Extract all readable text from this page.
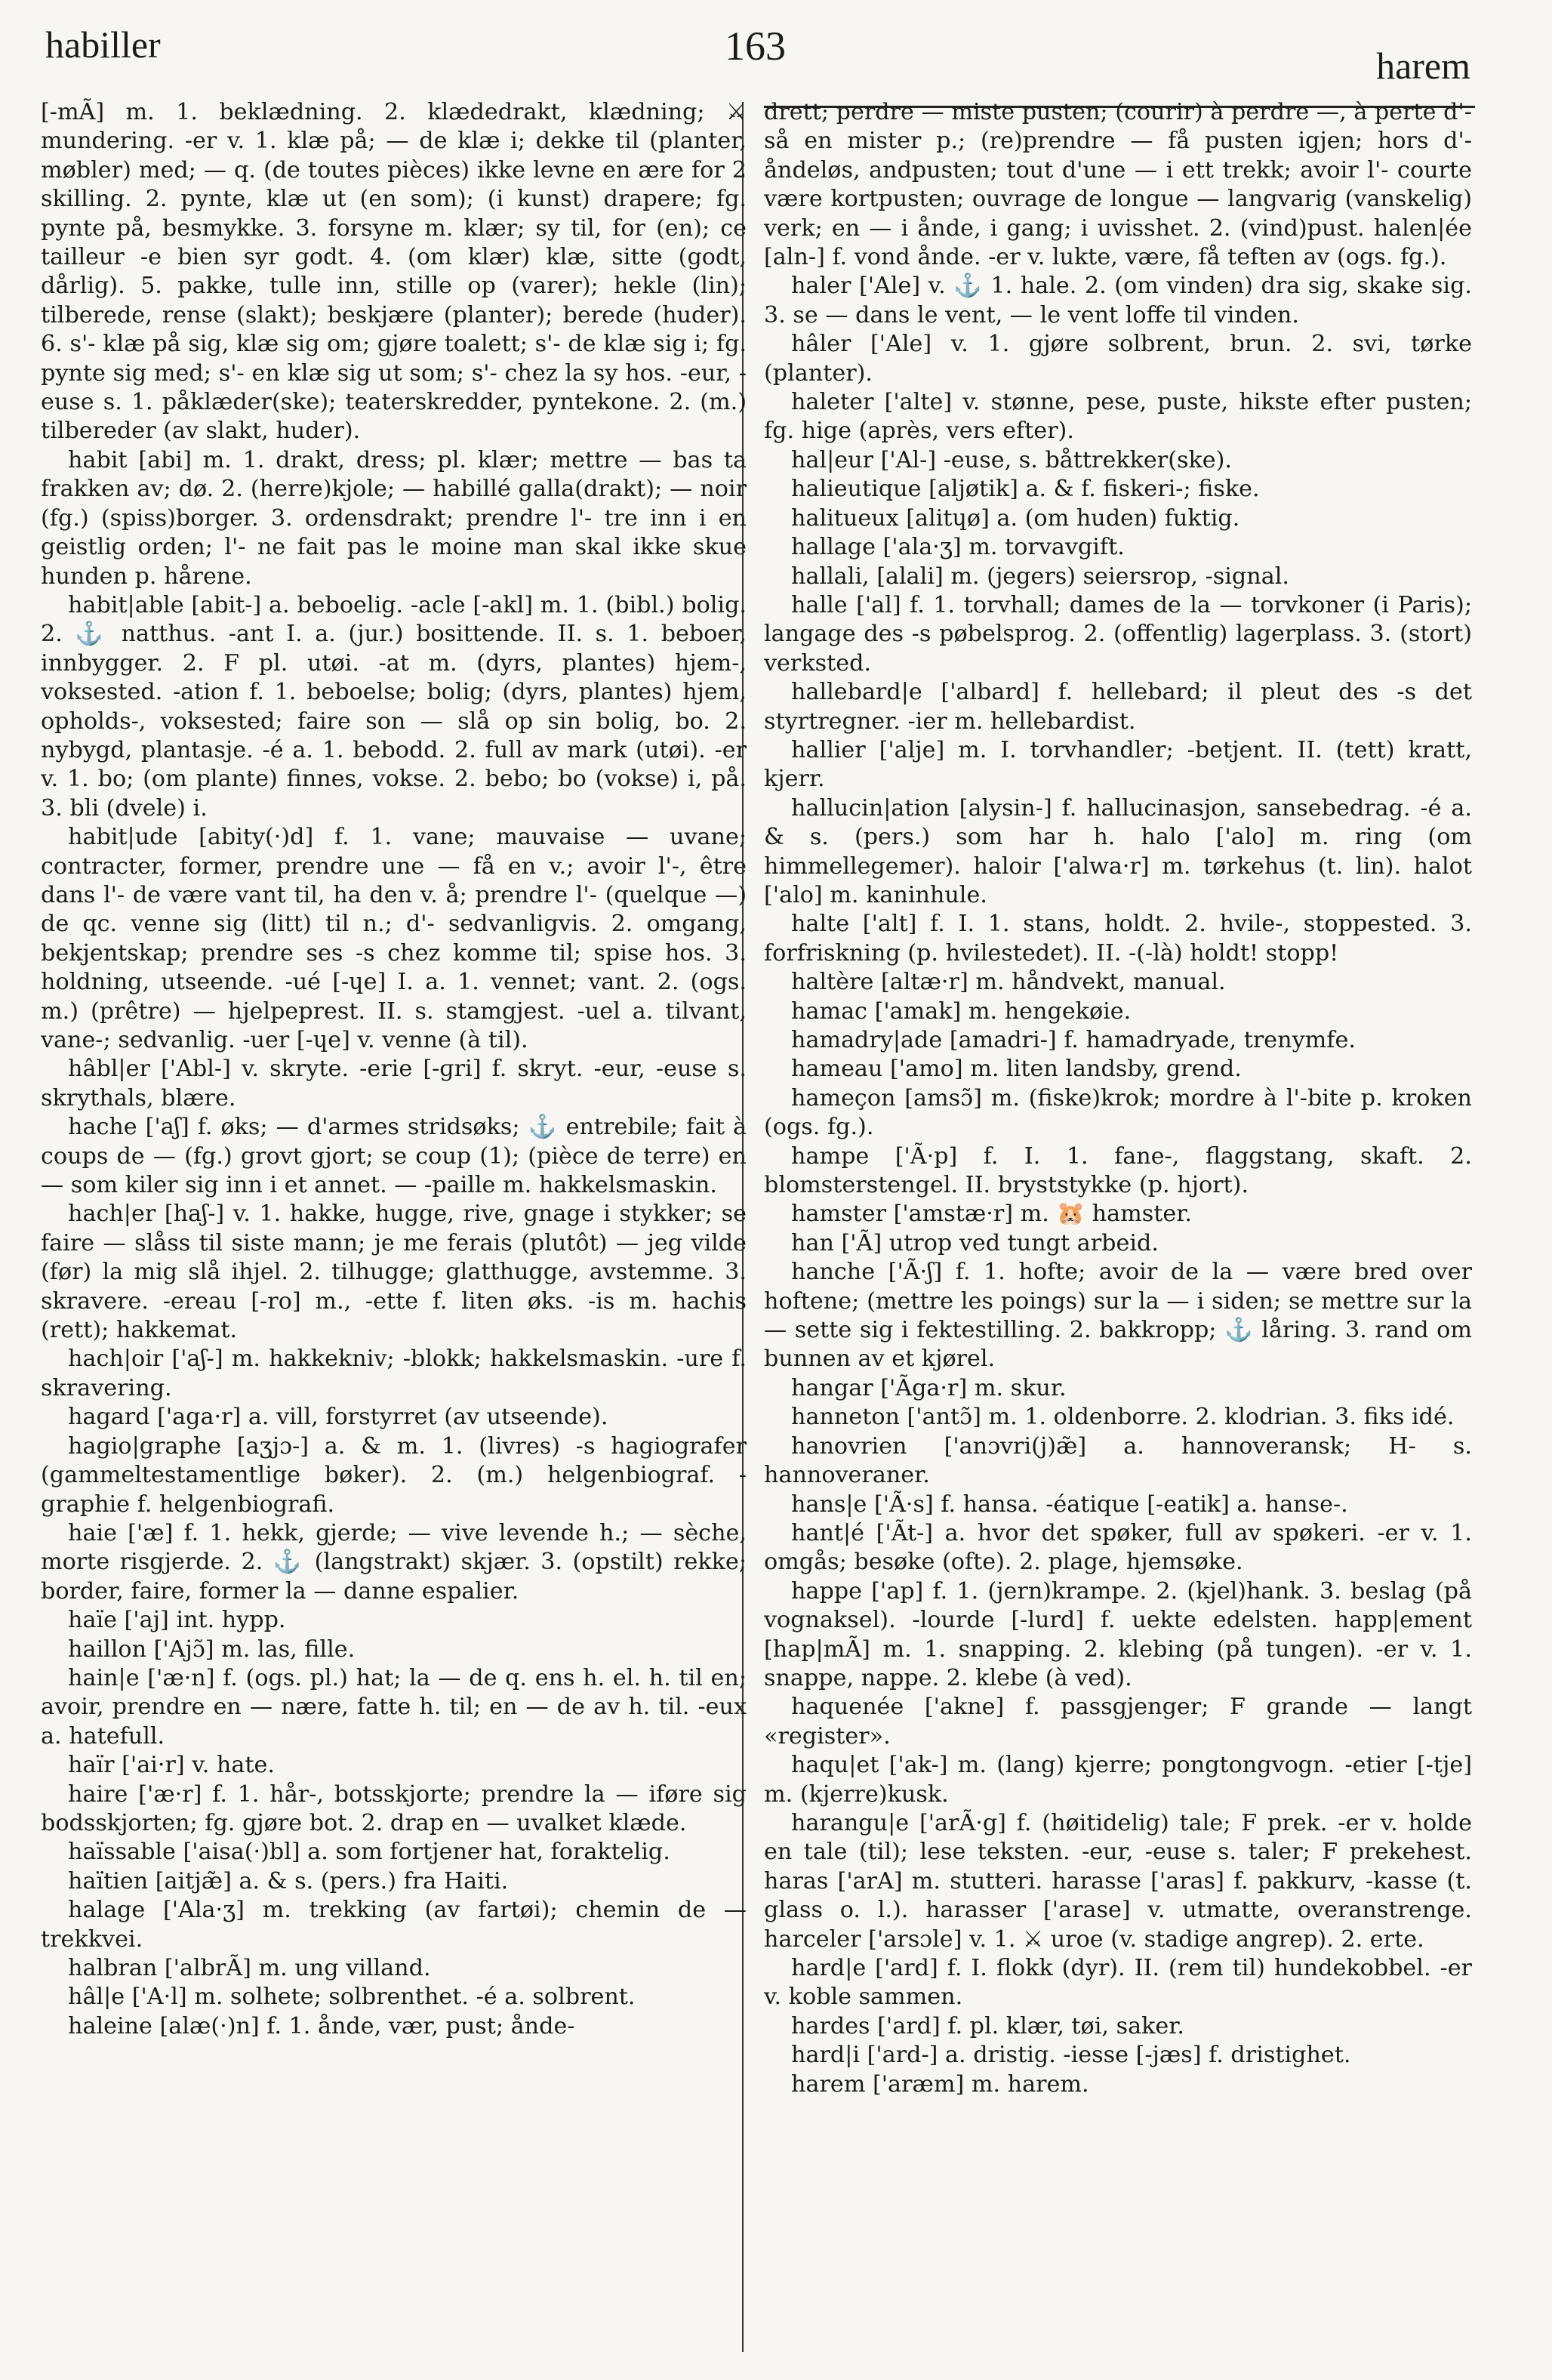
habiller	163	harem

[-mÃ] m. 1. beklædning. 2. klædedrakt, klædning; ⚔ mundering. -er v. 1. klæ på; — de klæ i; dekke til (planter, møbler) med; — q. (de toutes pièces) ikke levne en ære for 2 skilling. 2. pynte, klæ ut (en som); (i kunst) drapere; fg. pynte på, besmykke. 3. forsyne m. klær; sy til, for (en); ce tailleur -e bien syr godt. 4. (om klær) klæ, sitte (godt, dårlig). 5. pakke, tulle inn, stille op (varer); hekle (lin); tilberede, rense (slakt); beskjære (planter); berede (huder). 6. s'- klæ på sig, klæ sig om; gjøre toalett; s'- de klæ sig i; fg. pynte sig med; s'- en klæ sig ut som; s'- chez la sy hos. -eur, -euse s. 1. påklæder(ske); teaterskredder, pyntekone. 2. (m.) tilbereder (av slakt, huder).

habit [abi] m. 1. drakt, dress; pl. klær; mettre — bas ta frakken av; dø. 2. (herre)kjole; — habillé galla(drakt); — noir (fg.) (spiss)borger. 3. ordensdrakt; prendre l'- tre inn i en geistlig orden; l'- ne fait pas le moine man skal ikke skue hunden p. hårene.

habit|able [abit-] a. beboelig. -acle [-akl] m. 1. (bibl.) bolig. 2. ⚓ natthus. -ant I. a. (jur.) bosittende. II. s. 1. beboer, innbygger. 2. F pl. utøi. -at m. (dyrs, plantes) hjem-, voksested. -ation f. 1. beboelse; bolig; (dyrs, plantes) hjem, opholds-, voksested; faire son — slå op sin bolig, bo. 2. nybygd, plantasje. -é a. 1. bebodd. 2. full av mark (utøi). -er v. 1. bo; (om plante) finnes, vokse. 2. bebo; bo (vokse) i, på. 3. bli (dvele) i.

habit|ude [abity(·)d] f. 1. vane; mauvaise — uvane; contracter, former, prendre une — få en v.; avoir l'-, être dans l'- de være vant til, ha den v. å; prendre l'- (quelque —) de qc. venne sig (litt) til n.; d'- sedvanligvis. 2. omgang, bekjentskap; prendre ses -s chez komme til; spise hos. 3. holdning, utseende. -ué [-ɥe] I. a. 1. vennet; vant. 2. (ogs. m.) (prêtre) — hjelpeprest. II. s. stamgjest. -uel a. tilvant, vane-; sedvanlig. -uer [-ɥe] v. venne (à til).

hâbl|er ['Abl-] v. skryte. -erie [-ɡri] f. skryt. -eur, -euse s. skrythals, blære.

hache ['aʃ] f. øks; — d'armes stridsøks; ⚓ entrebile; fait à coups de — (fg.) grovt gjort; se coup (1); (pièce de terre) en — som kiler sig inn i et annet. — -paille m. hakkelsmaskin.

hach|er [haʃ-] v. 1. hakke, hugge, rive, gnage i stykker; se faire — slåss til siste mann; je me ferais (plutôt) — jeg vilde (før) la mig slå ihjel. 2. tilhugge; glatthugge, avstemme. 3. skravere. -ereau [-ro] m., -ette f. liten øks. -is m. hachis (rett); hakkemat.

hach|oir ['aʃ-] m. hakkekniv; -blokk; hakkelsmaskin. -ure f. skravering.

hagard ['aga·r] a. vill, forstyrret (av utseende).

hagio|graphe [aʒjɔ-] a. & m. 1. (livres) -s hagiografer (gammeltestamentlige bøker). 2. (m.) helgenbiograf. -graphie f. helgenbiografi.

haie ['æ] f. 1. hekk, gjerde; — vive levende h.; — sèche, morte risgjerde. 2. ⚓ (langstrakt) skjær. 3. (opstilt) rekke; border, faire, former la — danne espalier.

haïe ['aj] int. hypp.

haillon ['Ajɔ̃] m. las, fille.

hain|e ['æ·n] f. (ogs. pl.) hat; la — de q. ens h. el. h. til en; avoir, prendre en — nære, fatte h. til; en — de av h. til. -eux a. hatefull.

haïr ['ai·r] v. hate.

haire ['æ·r] f. 1. hår-, botsskjorte; prendre la — iføre sig bodsskjorten; fg. gjøre bot. 2. drap en — uvalket klæde.

haïssable ['aisa(·)bl] a. som fortjener hat, foraktelig.

haïtien [aitjæ̃] a. & s. (pers.) fra Haiti.

halage ['Ala·ʒ] m. trekking (av fartøi); chemin de — trekkvei.

halbran ['albrÃ] m. ung villand.

hâl|e ['A·l] m. solhete; solbrenthet. -é a. solbrent.

haleine [alæ(·)n] f. 1. ånde, vær, pust; ånde-

drett; perdre — miste pusten; (courir) à perdre —, à perte d'- så en mister p.; (re)prendre — få pusten igjen; hors d'- åndeløs, andpusten; tout d'une — i ett trekk; avoir l'- courte være kortpusten; ouvrage de longue — langvarig (vanskelig) verk; en — i ånde, i gang; i uvisshet. 2. (vind)pust. halen|ée [aln-] f. vond ånde. -er v. lukte, være, få teften av (ogs. fg.).

haler ['Ale] v. ⚓ 1. hale. 2. (om vinden) dra sig, skake sig. 3. se — dans le vent, — le vent loffe til vinden.

hâler ['Ale] v. 1. gjøre solbrent, brun. 2. svi, tørke (planter).

haleter ['alte] v. stønne, pese, puste, hikste efter pusten; fg. hige (après, vers efter).

hal|eur ['Al-] -euse, s. båttrekker(ske).

halieutique [aljøtik] a. & f. fiskeri-; fiske.

halitueux [alitɥø] a. (om huden) fuktig.

hallage ['ala·ʒ] m. torvavgift.

hallali, [alali] m. (jegers) seiersrop, -signal.

halle ['al] f. 1. torvhall; dames de la — torvkoner (i Paris); langage des -s pøbelsprog. 2. (offentlig) lagerplass. 3. (stort) verksted.

hallebard|e ['albard] f. hellebard; il pleut des -s det styrtregner. -ier m. hellebardist.

hallier ['alje] m. I. torvhandler; -betjent. II. (tett) kratt, kjerr.

hallucin|ation [alysin-] f. hallucinasjon, sansebedrag. -é a. & s. (pers.) som har h. halo ['alo] m. ring (om himmellegemer). haloir ['alwa·r] m. tørkehus (t. lin). halot ['alo] m. kaninhule.

halte ['alt] f. I. 1. stans, holdt. 2. hvile-, stoppested. 3. forfriskning (p. hvilestedet). II. -(-là) holdt! stopp!

haltère [altæ·r] m. håndvekt, manual.

hamac ['amak] m. hengekøie.

hamadry|ade [amadri-] f. hamadryade, trenymfe.

hameau ['amo] m. liten landsby, grend.

hameçon [amsɔ̃] m. (fiske)krok; mordre à l'-bite p. kroken (ogs. fg.).

hampe ['Ã·p] f. I. 1. fane-, flaggstang, skaft. 2. blomsterstengel. II. bryststykke (p. hjort).

hamster ['amstæ·r] m. 🐹 hamster.

han ['Ã] utrop ved tungt arbeid.

hanche ['Ã·ʃ] f. 1. hofte; avoir de la — være bred over hoftene; (mettre les poings) sur la — i siden; se mettre sur la — sette sig i fektestilling. 2. bakkropp; ⚓ låring. 3. rand om bunnen av et kjørel.

hangar ['Ãga·r] m. skur.

hanneton ['antɔ̃] m. 1. oldenborre. 2. klodrian. 3. fiks idé.

hanovrien ['anɔvri(j)æ̃] a. hannoveransk; H- s. hannoveraner.

hans|e ['Ã·s] f. hansa. -éatique [-eatik] a. hanse-.

hant|é ['Ãt-] a. hvor det spøker, full av spøkeri. -er v. 1. omgås; besøke (ofte). 2. plage, hjemsøke.

happe ['ap] f. 1. (jern)krampe. 2. (kjel)hank. 3. beslag (på vognaksel). -lourde [-lurd] f. uekte edelsten. happ|ement [hap|mÃ] m. 1. snapping. 2. klebing (på tungen). -er v. 1. snappe, nappe. 2. klebe (à ved).

haquenée ['akne] f. passgjenger; F grande — langt «register».

haqu|et ['ak-] m. (lang) kjerre; pongtongvogn. -etier [-tje] m. (kjerre)kusk.

harangu|e ['arÃ·g] f. (høitidelig) tale; F prek. -er v. holde en tale (til); lese teksten. -eur, -euse s. taler; F prekehest. haras ['arA] m. stutteri. harasse ['aras] f. pakkurv, -kasse (t. glass o. l.). harasser ['arase] v. utmatte, overanstrenge. harceler ['arsɔle] v. 1. ⚔ uroe (v. stadige angrep). 2. erte.

hard|e ['ard] f. I. flokk (dyr). II. (rem til) hundekobbel. -er v. koble sammen.

hardes ['ard] f. pl. klær, tøi, saker.

hard|i ['ard-] a. dristig. -iesse [-jæs] f. dristighet.

harem ['aræm] m. harem.
